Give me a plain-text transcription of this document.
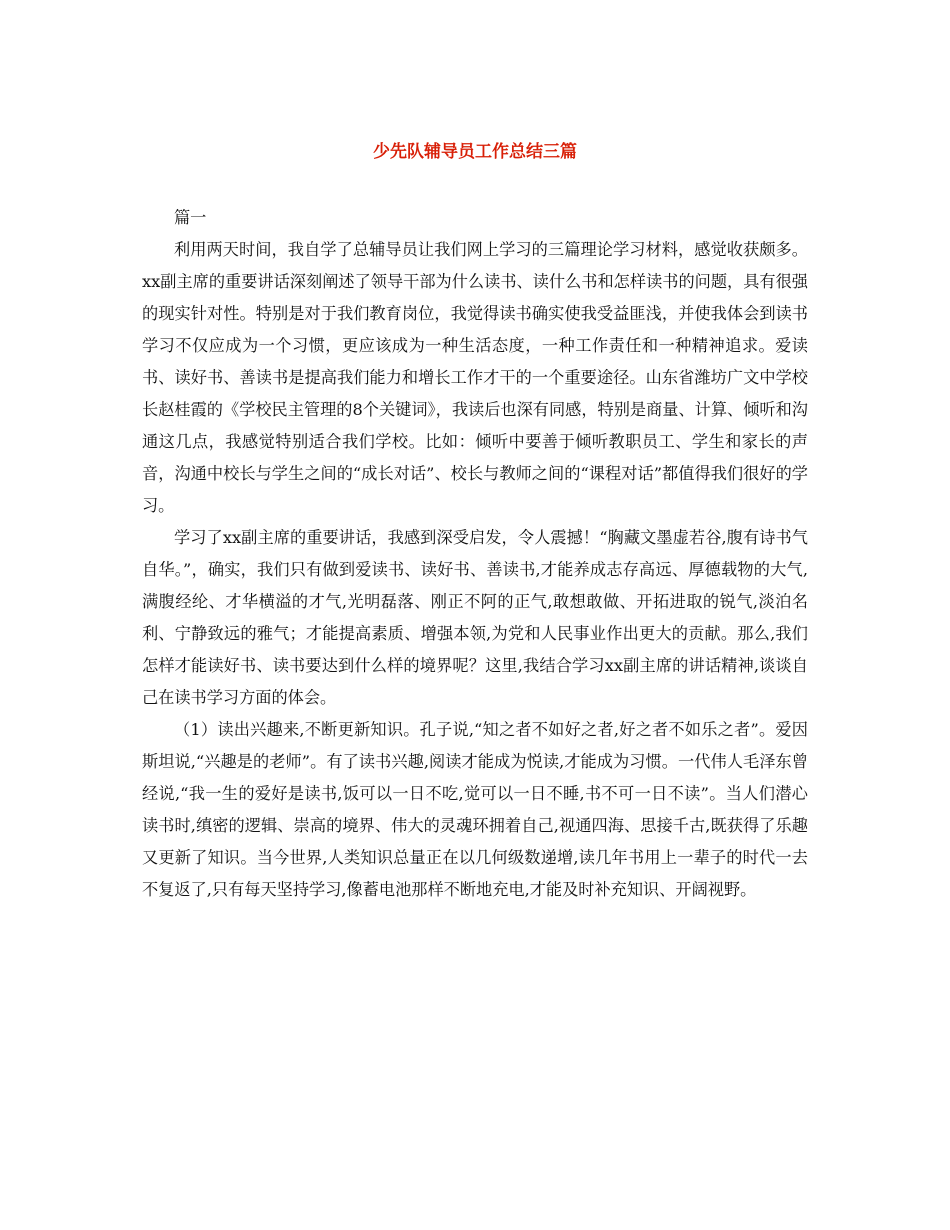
少先队辅导员工作总结三篇

篇一

利用两天时间，我自学了总辅导员让我们网上学习的三篇理论学习材料，感觉收获颇多。xx副主席的重要讲话深刻阐述了领导干部为什么读书、读什么书和怎样读书的问题，具有很强的现实针对性。特别是对于我们教育岗位，我觉得读书确实使我受益匪浅，并使我体会到读书学习不仅应成为一个习惯，更应该成为一种生活态度，一种工作责任和一种精神追求。爱读书、读好书、善读书是提高我们能力和增长工作才干的一个重要途径。山东省潍坊广文中学校长赵桂霞的《学校民主管理的8个关键词》，我读后也深有同感，特别是商量、计算、倾听和沟通这几点，我感觉特别适合我们学校。比如：倾听中要善于倾听教职员工、学生和家长的声音，沟通中校长与学生之间的“成长对话”、校长与教师之间的“课程对话”都值得我们很好的学习。

学习了xx副主席的重要讲话，我感到深受启发，令人震撼！“胸藏文墨虚若谷,腹有诗书气自华。”，确实，我们只有做到爱读书、读好书、善读书,才能养成志存高远、厚德载物的大气,满腹经纶、才华横溢的才气,光明磊落、刚正不阿的正气,敢想敢做、开拓进取的锐气,淡泊名利、宁静致远的雅气；才能提高素质、增强本领,为党和人民事业作出更大的贡献。那么,我们怎样才能读好书、读书要达到什么样的境界呢？这里,我结合学习xx副主席的讲话精神,谈谈自己在读书学习方面的体会。

（1）读出兴趣来,不断更新知识。孔子说,“知之者不如好之者,好之者不如乐之者”。爱因斯坦说,“兴趣是的老师”。有了读书兴趣,阅读才能成为悦读,才能成为习惯。一代伟人毛泽东曾经说,“我一生的爱好是读书,饭可以一日不吃,觉可以一日不睡,书不可一日不读”。当人们潜心读书时,缜密的逻辑、崇高的境界、伟大的灵魂环拥着自己,视通四海、思接千古,既获得了乐趣又更新了知识。当今世界,人类知识总量正在以几何级数递增,读几年书用上一辈子的时代一去不复返了,只有每天坚持学习,像蓄电池那样不断地充电,才能及时补充知识、开阔视野。
